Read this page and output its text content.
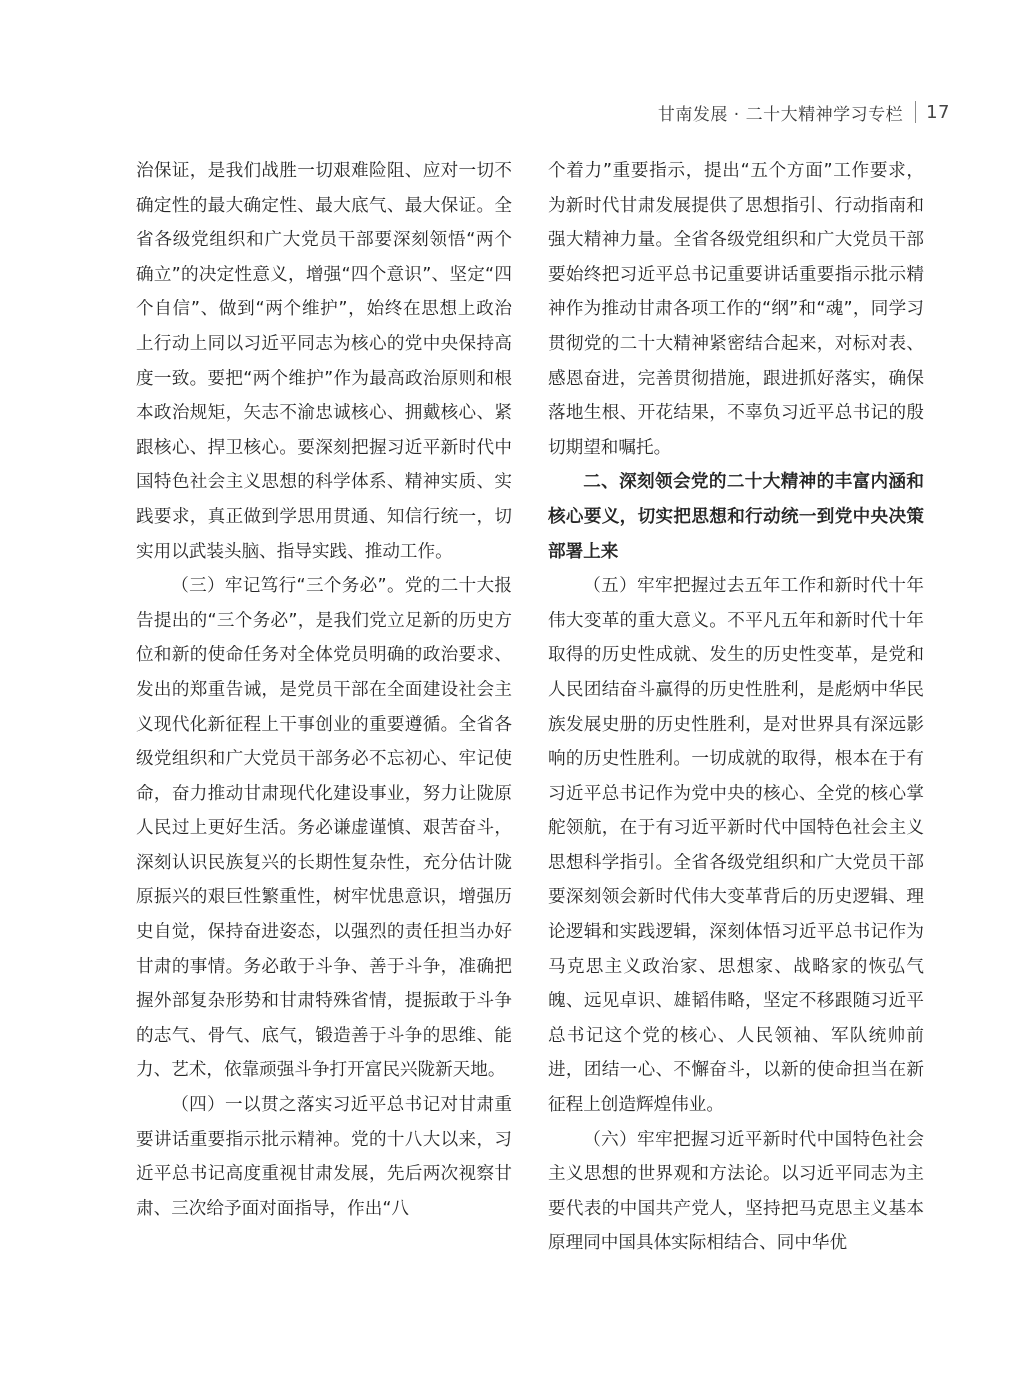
甘南发展 · 二十大精神学习专栏 17

治保证，是我们战胜一切艰难险阻、应对一切不确定性的最大确定性、最大底气、最大保证。全省各级党组织和广大党员干部要深刻领悟“两个确立”的决定性意义，增强“四个意识”、坚定“四个自信”、做到“两个维护”，始终在思想上政治上行动上同以习近平同志为核心的党中央保持高度一致。要把“两个维护”作为最高政治原则和根本政治规矩，矢志不渝忠诚核心、拥戴核心、紧跟核心、捍卫核心。要深刻把握习近平新时代中国特色社会主义思想的科学体系、精神实质、实践要求，真正做到学思用贯通、知信行统一，切实用以武装头脑、指导实践、推动工作。

（三）牢记笃行“三个务必”。党的二十大报告提出的“三个务必”，是我们党立足新的历史方位和新的使命任务对全体党员明确的政治要求、发出的郑重告诫，是党员干部在全面建设社会主义现代化新征程上干事创业的重要遵循。全省各级党组织和广大党员干部务必不忘初心、牢记使命，奋力推动甘肃现代化建设事业，努力让陇原人民过上更好生活。务必谦虚谨慎、艰苦奋斗，深刻认识民族复兴的长期性复杂性，充分估计陇原振兴的艰巨性繁重性，树牢忧患意识，增强历史自觉，保持奋进姿态，以强烈的责任担当办好甘肃的事情。务必敢于斗争、善于斗争，准确把握外部复杂形势和甘肃特殊省情，提振敢于斗争的志气、骨气、底气，锻造善于斗争的思维、能力、艺术，依靠顽强斗争打开富民兴陇新天地。

（四）一以贯之落实习近平总书记对甘肃重要讲话重要指示批示精神。党的十八大以来，习近平总书记高度重视甘肃发展，先后两次视察甘肃、三次给予面对面指导，作出“八

个着力”重要指示，提出“五个方面”工作要求，为新时代甘肃发展提供了思想指引、行动指南和强大精神力量。全省各级党组织和广大党员干部要始终把习近平总书记重要讲话重要指示批示精神作为推动甘肃各项工作的“纲”和“魂”，同学习贯彻党的二十大精神紧密结合起来，对标对表、感恩奋进，完善贯彻措施，跟进抓好落实，确保落地生根、开花结果，不辜负习近平总书记的殷切期望和嘱托。

二、深刻领会党的二十大精神的丰富内涵和核心要义，切实把思想和行动统一到党中央决策部署上来

（五）牢牢把握过去五年工作和新时代十年伟大变革的重大意义。不平凡五年和新时代十年取得的历史性成就、发生的历史性变革，是党和人民团结奋斗赢得的历史性胜利，是彪炳中华民族发展史册的历史性胜利，是对世界具有深远影响的历史性胜利。一切成就的取得，根本在于有习近平总书记作为党中央的核心、全党的核心掌舵领航，在于有习近平新时代中国特色社会主义思想科学指引。全省各级党组织和广大党员干部要深刻领会新时代伟大变革背后的历史逻辑、理论逻辑和实践逻辑，深刻体悟习近平总书记作为马克思主义政治家、思想家、战略家的恢弘气魄、远见卓识、雄韬伟略，坚定不移跟随习近平总书记这个党的核心、人民领袖、军队统帅前进，团结一心、不懈奋斗，以新的使命担当在新征程上创造辉煌伟业。

（六）牢牢把握习近平新时代中国特色社会主义思想的世界观和方法论。以习近平同志为主要代表的中国共产党人，坚持把马克思主义基本原理同中国具体实际相结合、同中华优
